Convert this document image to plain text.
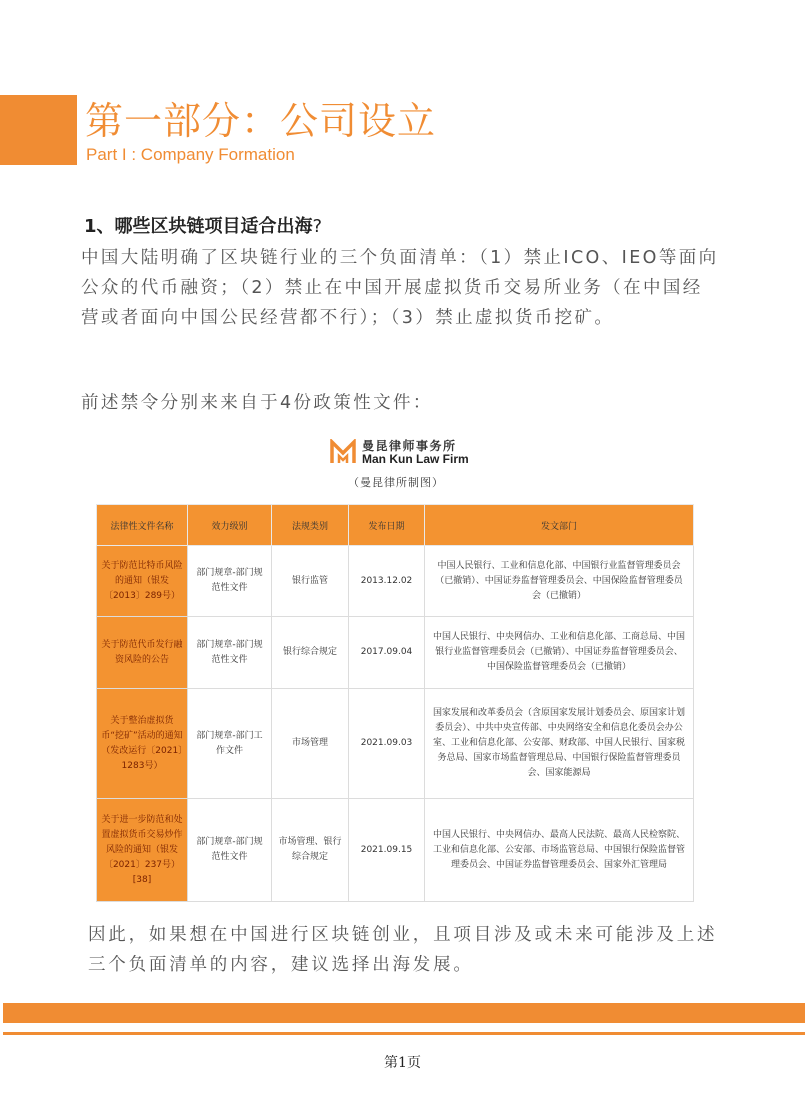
第一部分：公司设立
Part I : Company Formation
1、哪些区块链项目适合出海?
中国大陆明确了区块链行业的三个负面清单：（1）禁止ICO、IEO等面向公众的代币融资；（2）禁止在中国开展虚拟货币交易所业务（在中国经营或者面向中国公民经营都不行）；（3）禁止虚拟货币挖矿。
前述禁令分别来来自于4份政策性文件：
曼昆律师事务所
Man Kun Law Firm
（曼昆律所制图）
法律性文件名称	效力级别	法规类别	发布日期	发文部门
关于防范比特币风险的通知（银发〔2013〕289号）	部门规章-部门规范性文件	银行监管	2013.12.02	中国人民银行、工业和信息化部、中国银行业监督管理委员会（已撤销）、中国证券监督管理委员会、中国保险监督管理委员会（已撤销）
关于防范代币发行融资风险的公告	部门规章-部门规范性文件	银行综合规定	2017.09.04	中国人民银行、中央网信办、工业和信息化部、工商总局、中国银行业监督管理委员会（已撤销）、中国证券监督管理委员会、中国保险监督管理委员会（已撤销）
关于整治虚拟货币“挖矿”活动的通知（发改运行〔2021〕1283号）	部门规章-部门工作文件	市场管理	2021.09.03	国家发展和改革委员会（含原国家发展计划委员会、原国家计划委员会）、中共中央宣传部、中央网络安全和信息化委员会办公室、工业和信息化部、公安部、财政部、中国人民银行、国家税务总局、国家市场监督管理总局、中国银行保险监督管理委员会、国家能源局
关于进一步防范和处置虚拟货币交易炒作风险的通知（银发〔2021〕237号）[38]	部门规章-部门规范性文件	市场管理、银行综合规定	2021.09.15	中国人民银行、中央网信办、最高人民法院、最高人民检察院、工业和信息化部、公安部、市场监管总局、中国银行保险监督管理委员会、中国证券监督管理委员会、国家外汇管理局
因此，如果想在中国进行区块链创业，且项目涉及或未来可能涉及上述三个负面清单的内容，建议选择出海发展。
第1页
